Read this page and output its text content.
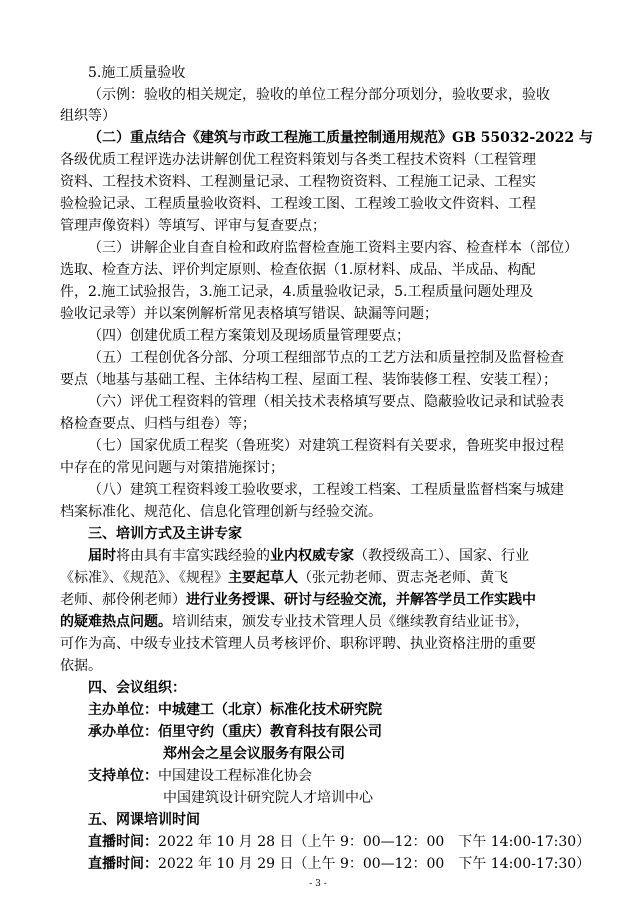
5.施工质量验收
（示例：验收的相关规定，验收的单位工程分部分项划分，验收要求，验收
组织等）
（二）重点结合《建筑与市政工程施工质量控制通用规范》GB 55032-2022 与
各级优质工程评选办法讲解创优工程资料策划与各类工程技术资料（工程管理
资料、工程技术资料、工程测量记录、工程物资资料、工程施工记录、工程实
验检验记录、工程质量验收资料、工程竣工图、工程竣工验收文件资料、工程
管理声像资料）等填写、评审与复查要点；
（三）讲解企业自查自检和政府监督检查施工资料主要内容、检查样本（部位）
选取、检查方法、评价判定原则、检查依据（1.原材料、成品、半成品、构配
件，2.施工试验报告，3.施工记录，4.质量验收记录，5.工程质量问题处理及
验收记录等）并以案例解析常见表格填写错误、缺漏等问题；
（四）创建优质工程方案策划及现场质量管理要点；
（五）工程创优各分部、分项工程细部节点的工艺方法和质量控制及监督检查
要点（地基与基础工程、主体结构工程、屋面工程、装饰装修工程、安装工程）；
（六）评优工程资料的管理（相关技术表格填写要点、隐蔽验收记录和试验表
格检查要点、归档与组卷）等；
（七）国家优质工程奖（鲁班奖）对建筑工程资料有关要求，鲁班奖申报过程
中存在的常见问题与对策措施探讨；
（八）建筑工程资料竣工验收要求，工程竣工档案、工程质量监督档案与城建
档案标准化、规范化、信息化管理创新与经验交流。
三、培训方式及主讲专家
届时将由具有丰富实践经验的业内权威专家（教授级高工）、国家、行业
《标准》、《规范》、《规程》主要起草人（张元勃老师、贾志尧老师、黄飞
老师、郝伶俐老师）进行业务授课、研讨与经验交流，并解答学员工作实践中
的疑难热点问题。培训结束，颁发专业技术管理人员《继续教育结业证书》，
可作为高、中级专业技术管理人员考核评价、职称评聘、执业资格注册的重要
依据。
四、会议组织：
主办单位：中城建工（北京）标准化技术研究院
承办单位：佰里守约（重庆）教育科技有限公司
郑州会之星会议服务有限公司
支持单位：中国建设工程标准化协会
中国建筑设计研究院人才培训中心
五、网课培训时间
直播时间：2022 年 10 月 28 日（上午 9：00—12：00　下午 14:00-17:30）
直播时间：2022 年 10 月 29 日（上午 9：00—12：00　下午 14:00-17:30）
- 3 -
